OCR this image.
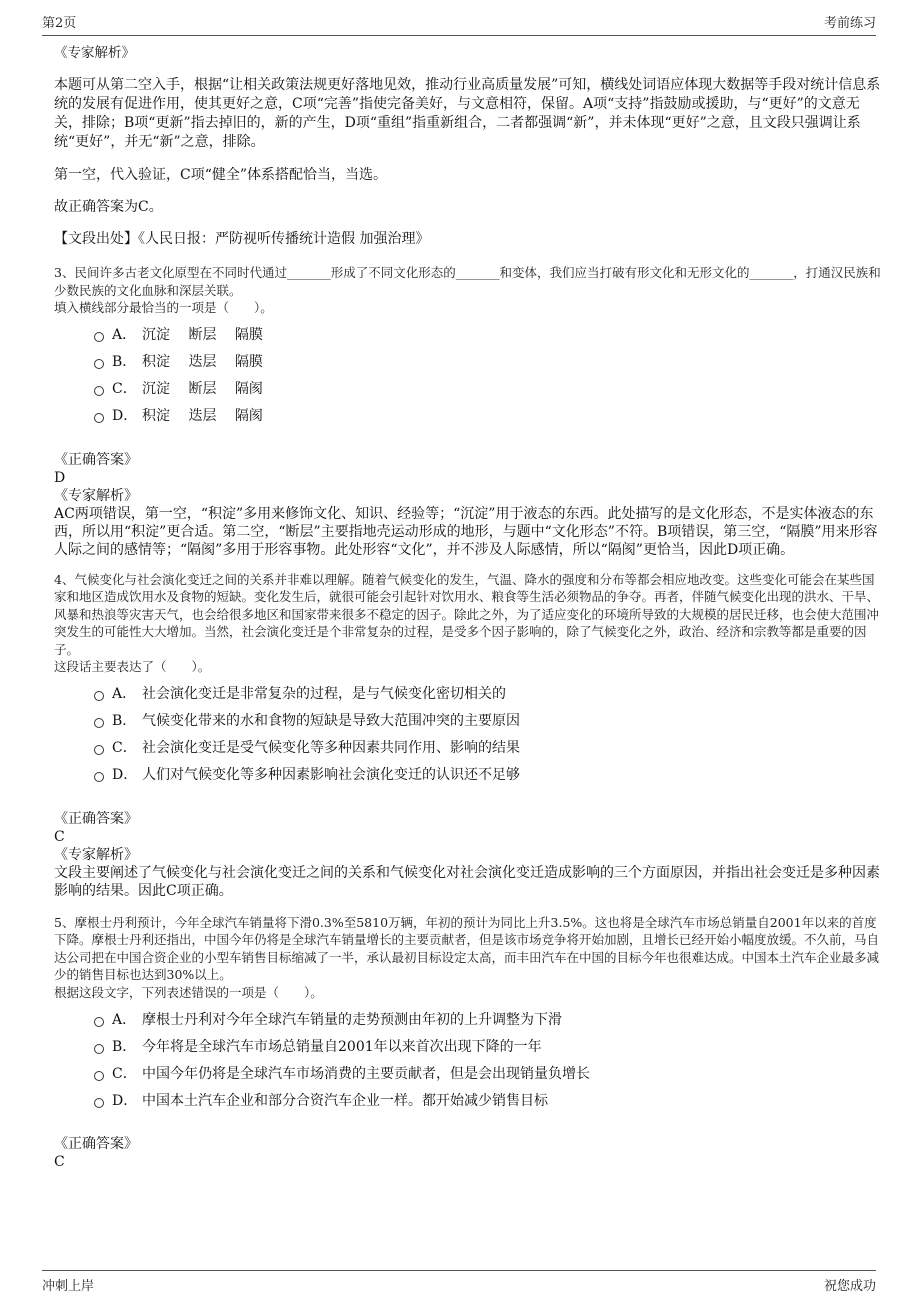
第2页	考前练习

《专家解析》

本题可从第二空入手，根据“让相关政策法规更好落地见效，推动行业高质量发展”可知，横线处词语应体现大数据等手段对统计信息系统的发展有促进作用，使其更好之意，C项“完善”指使完备美好，与文意相符，保留。A项“支持”指鼓励或援助，与“更好”的文意无关，排除；B项“更新”指去掉旧的，新的产生，D项“重组”指重新组合，二者都强调“新”，并未体现“更好”之意，且文段只强调让系统“更好”，并无“新”之意，排除。

第一空，代入验证，C项“健全”体系搭配恰当，当选。

故正确答案为C。

【文段出处】《人民日报：严防视听传播统计造假 加强治理》

3、民间许多古老文化原型在不同时代通过_______形成了不同文化形态的_______和变体，我们应当打破有形文化和无形文化的_______，打通汉民族和少数民族的文化血脉和深层关联。

填入横线部分最恰当的一项是（　　）。

A． 沉淀　 断层　 隔膜
B． 积淀　 迭层　 隔膜
C． 沉淀　 断层　 隔阂
D． 积淀　 迭层　 隔阂

《正确答案》

D

《专家解析》

AC两项错误，第一空，“积淀”多用来修饰文化、知识、经验等；“沉淀”用于液态的东西。此处描写的是文化形态，不是实体液态的东西，所以用“积淀”更合适。第二空，“断层”主要指地壳运动形成的地形，与题中“文化形态”不符。B项错误，第三空，“隔膜”用来形容人际之间的感情等；“隔阂”多用于形容事物。此处形容“文化”，并不涉及人际感情，所以“隔阂”更恰当，因此D项正确。

4、气候变化与社会演化变迁之间的关系并非难以理解。随着气候变化的发生，气温、降水的强度和分布等都会相应地改变。这些变化可能会在某些国家和地区造成饮用水及食物的短缺。变化发生后，就很可能会引起针对饮用水、粮食等生活必须物品的争夺。再者，伴随气候变化出现的洪水、干旱、风暴和热浪等灾害天气，也会给很多地区和国家带来很多不稳定的因子。除此之外，为了适应变化的环境所导致的大规模的居民迁移，也会使大范围冲突发生的可能性大大增加。当然，社会演化变迁是个非常复杂的过程，是受多个因子影响的，除了气候变化之外，政治、经济和宗教等都是重要的因子。

这段话主要表达了（　　）。

A． 社会演化变迁是非常复杂的过程，是与气候变化密切相关的
B． 气候变化带来的水和食物的短缺是导致大范围冲突的主要原因
C． 社会演化变迁是受气候变化等多种因素共同作用、影响的结果
D． 人们对气候变化等多种因素影响社会演化变迁的认识还不足够

《正确答案》

C

《专家解析》

文段主要阐述了气候变化与社会演化变迁之间的关系和气候变化对社会演化变迁造成影响的三个方面原因，并指出社会变迁是多种因素影响的结果。因此C项正确。

5、摩根士丹利预计，今年全球汽车销量将下滑0.3%至5810万辆，年初的预计为同比上升3.5%。这也将是全球汽车市场总销量自2001年以来的首度下降。摩根士丹利还指出，中国今年仍将是全球汽车销量增长的主要贡献者，但是该市场竞争将开始加剧，且增长已经开始小幅度放缓。不久前，马自达公司把在中国合资企业的小型车销售目标缩减了一半，承认最初目标设定太高，而丰田汽车在中国的目标今年也很难达成。中国本土汽车企业最多减少的销售目标也达到30%以上。

根据这段文字，下列表述错误的一项是（　　）。

A． 摩根士丹利对今年全球汽车销量的走势预测由年初的上升调整为下滑
B． 今年将是全球汽车市场总销量自2001年以来首次出现下降的一年
C． 中国今年仍将是全球汽车市场消费的主要贡献者，但是会出现销量负增长
D． 中国本土汽车企业和部分合资汽车企业一样。都开始减少销售目标

《正确答案》

C

冲刺上岸	祝您成功
